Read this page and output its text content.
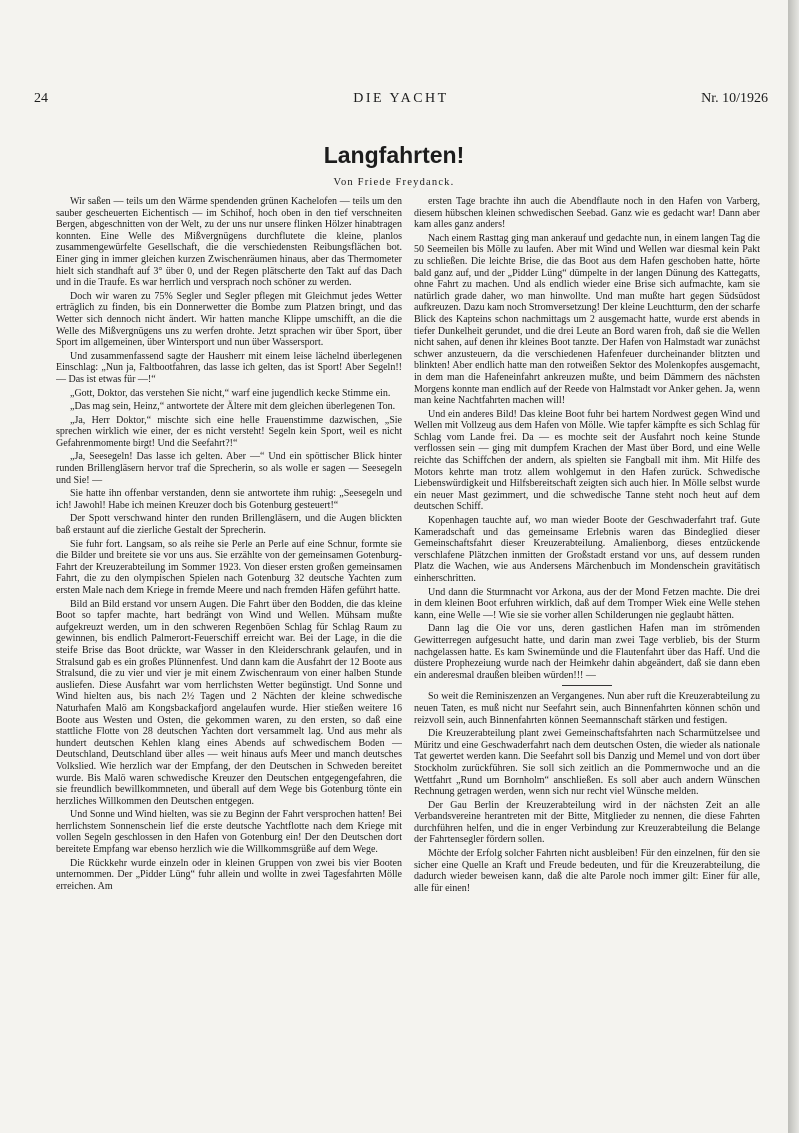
DIE YACHT
24	Nr. 10/1926
Langfahrten!
Von Friede Freydanck.

Wir saßen — teils um den Wärme spendenden grünen Kachelofen — teils um den sauber gescheuerten Eichentisch — im Schihof, hoch oben in den tief verschneiten Bergen, abgeschnitten von der Welt, zu der uns nur unsere flinken Hölzer hinabtragen konnten. Eine Welle des Mißvergnügens durchflutete die kleine, planlos zusammengewürfelte Gesellschaft, die die verschiedensten Reibungsflächen bot. Einer ging in immer gleichen kurzen Zwischenräumen hinaus, aber das Thermometer hielt sich standhaft auf 3° über 0, und der Regen plätscherte den Takt auf das Dach und in die Traufe. Es war herrlich und versprach noch schöner zu werden.

Doch wir waren zu 75% Segler und Segler pflegen mit Gleichmut jedes Wetter erträglich zu finden, bis ein Donnerwetter die Bombe zum Platzen bringt, und das Wetter sich dennoch nicht ändert. Wir hatten manche Klippe umschifft, an die die Welle des Mißvergnügens uns zu werfen drohte. Jetzt sprachen wir über Sport, über Sport im allgemeinen, über Wintersport und nun über Wassersport.

Und zusammenfassend sagte der Hausherr mit einem leise lächelnd überlegenen Einschlag: „Nun ja, Faltbootfahren, das lasse ich gelten, das ist Sport! Aber Segeln!! — Das ist etwas für —!“

„Gott, Doktor, das verstehen Sie nicht,“ warf eine jugendlich kecke Stimme ein.

„Das mag sein, Heinz,“ antwortete der Ältere mit dem gleichen überlegenen Ton.

„Ja, Herr Doktor,“ mischte sich eine helle Frauenstimme dazwischen, „Sie sprechen wirklich wie einer, der es nicht versteht! Segeln kein Sport, weil es nicht Gefahrenmomente birgt! Und die Seefahrt?!“

„Ja, Seesegeln! Das lasse ich gelten. Aber —“ Und ein spöttischer Blick hinter runden Brillengläsern hervor traf die Sprecherin, so als wolle er sagen — Seesegeln und Sie! —

Sie hatte ihn offenbar verstanden, denn sie antwortete ihm ruhig: „Seesegeln und ich! Jawohl! Habe ich meinen Kreuzer doch bis Gotenburg gesteuert!“

Der Spott verschwand hinter den runden Brillengläsern, und die Augen blickten baß erstaunt auf die zierliche Gestalt der Sprecherin.

Sie fuhr fort. Langsam, so als reihe sie Perle an Perle auf eine Schnur, formte sie die Bilder und breitete sie vor uns aus. Sie erzählte von der gemeinsamen Gotenburg-Fahrt der Kreuzerabteilung im Sommer 1923. Von dieser ersten großen gemeinsamen Fahrt, die zu den olympischen Spielen nach Gotenburg 32 deutsche Yachten zum ersten Male nach dem Kriege in fremde Meere und nach fremden Häfen geführt hatte.

Bild an Bild erstand vor unsern Augen. Die Fahrt über den Bodden, die das kleine Boot so tapfer machte, hart bedrängt von Wind und Wellen. Mühsam mußte aufgekreuzt werden, um in den schweren Regenböen Schlag für Schlag Raum zu gewinnen, bis endlich Palmerort-Feuerschiff erreicht war. Bei der Lage, in die die steife Brise das Boot drückte, war Wasser in den Kleiderschrank gelaufen, und in Stralsund gab es ein großes Plünnenfest. Und dann kam die Ausfahrt der 12 Boote aus Stralsund, die zu vier und vier je mit einem Zwischenraum von einer halben Stunde ausliefen. Diese Ausfahrt war vom herrlichsten Wetter begünstigt. Und Sonne und Wind hielten aus, bis nach 2½ Tagen und 2 Nächten der kleine schwedische Naturhafen Malö am Kongsbackafjord angelaufen wurde. Hier stießen weitere 16 Boote aus Westen und Osten, die gekommen waren, zu den ersten, so daß eine stattliche Flotte von 28 deutschen Yachten dort versammelt lag. Und aus mehr als hundert deutschen Kehlen klang eines Abends auf schwedischem Boden — Deutschland, Deutschland über alles — weit hinaus aufs Meer und manch deutsches Volkslied. Wie herzlich war der Empfang, der den Deutschen in Schweden bereitet wurde. Bis Malö waren schwedische Kreuzer den Deutschen entgegengefahren, die sie freundlich bewillkommneten, und überall auf dem Wege bis Gotenburg tönte ein herzliches Willkommen den Deutschen entgegen.

Und Sonne und Wind hielten, was sie zu Beginn der Fahrt versprochen hatten! Bei herrlichstem Sonnenschein lief die erste deutsche Yachtflotte nach dem Kriege mit vollen Segeln geschlossen in den Hafen von Gotenburg ein! Der den Deutschen dort bereitete Empfang war ebenso herzlich wie die Willkommsgrüße auf dem Wege.

Die Rückkehr wurde einzeln oder in kleinen Gruppen von zwei bis vier Booten unternommen. Der „Pidder Lüng“ fuhr allein und wollte in zwei Tagesfahrten Mölle erreichen. Am

ersten Tage brachte ihn auch die Abendflaute noch in den Hafen von Varberg, diesem hübschen kleinen schwedischen Seebad. Ganz wie es gedacht war! Dann aber kam alles ganz anders!

Nach einem Rasttag ging man ankerauf und gedachte nun, in einem langen Tag die 50 Seemeilen bis Mölle zu laufen. Aber mit Wind und Wellen war diesmal kein Pakt zu schließen. Die leichte Brise, die das Boot aus dem Hafen geschoben hatte, hörte bald ganz auf, und der „Pidder Lüng“ dümpelte in der langen Dünung des Kattegatts, ohne Fahrt zu machen. Und als endlich wieder eine Brise sich aufmachte, kam sie natürlich grade daher, wo man hinwollte. Und man mußte hart gegen Südsüdost aufkreuzen. Dazu kam noch Stromversetzung! Der kleine Leuchtturm, den der scharfe Blick des Kapteins schon nachmittags um 2 ausgemacht hatte, wurde erst abends in tiefer Dunkelheit gerundet, und die drei Leute an Bord waren froh, daß sie die Wellen nicht sahen, auf denen ihr kleines Boot tanzte. Der Hafen von Halmstadt war zunächst schwer anzusteuern, da die verschiedenen Hafenfeuer durcheinander blitzten und blinkten! Aber endlich hatte man den rotweißen Sektor des Molenkopfes ausgemacht, in dem man die Hafeneinfahrt ankreuzen mußte, und beim Dämmern des nächsten Morgens konnte man endlich auf der Reede von Halmstadt vor Anker gehen. Ja, wenn man keine Nachtfahrten machen will!

Und ein anderes Bild! Das kleine Boot fuhr bei hartem Nordwest gegen Wind und Wellen mit Vollzeug aus dem Hafen von Mölle. Wie tapfer kämpfte es sich Schlag für Schlag vom Lande frei. Da — es mochte seit der Ausfahrt noch keine Stunde verflossen sein — ging mit dumpfem Krachen der Mast über Bord, und eine Welle reichte das Schiffchen der andern, als spielten sie Fangball mit ihm. Mit Hilfe des Motors kehrte man trotz allem wohlgemut in den Hafen zurück. Schwedische Liebenswürdigkeit und Hilfsbereitschaft zeigten sich auch hier. In Mölle selbst wurde ein neuer Mast gezimmert, und die schwedische Tanne steht noch heut auf dem deutschen Schiff.

Kopenhagen tauchte auf, wo man wieder Boote der Geschwaderfahrt traf. Gute Kameradschaft und das gemeinsame Erlebnis waren das Bindeglied dieser Gemeinschaftsfahrt dieser Kreuzerabteilung. Amalienborg, dieses entzückende verschlafene Plätzchen inmitten der Großstadt erstand vor uns, auf dessem runden Platz die Wachen, wie aus Andersens Märchenbuch im Mondenschein gravitätisch einherschritten.

Und dann die Sturmnacht vor Arkona, aus der der Mond Fetzen machte. Die drei in dem kleinen Boot erfuhren wirklich, daß auf dem Tromper Wiek eine Welle stehen kann, eine Welle —! Wie sie sie vorher allen Schilderungen nie geglaubt hätten.

Dann lag die Oie vor uns, deren gastlichen Hafen man im strömenden Gewitterregen aufgesucht hatte, und darin man zwei Tage verblieb, bis der Sturm nachgelassen hatte. Es kam Swinemünde und die Flautenfahrt über das Haff. Und die düstere Prophezeiung wurde nach der Heimkehr dahin abgeändert, daß sie dann eben ein anderesmal draußen bleiben würden!!! —

So weit die Reminiszenzen an Vergangenes. Nun aber ruft die Kreuzerabteilung zu neuen Taten, es muß nicht nur Seefahrt sein, auch Binnenfahrten können schön und reizvoll sein, auch Binnenfahrten können Seemannschaft stärken und festigen.

Die Kreuzerabteilung plant zwei Gemeinschaftsfahrten nach Scharmützelsee und Müritz und eine Geschwaderfahrt nach dem deutschen Osten, die wieder als nationale Tat gewertet werden kann. Die Seefahrt soll bis Danzig und Memel und von dort über Stockholm zurückführen. Sie soll sich zeitlich an die Pommernwoche und an die Wettfahrt „Rund um Bornholm“ anschließen. Es soll aber auch andern Wünschen Rechnung getragen werden, wenn sich nur recht viel Wünsche melden.

Der Gau Berlin der Kreuzerabteilung wird in der nächsten Zeit an alle Verbandsvereine herantreten mit der Bitte, Mitglieder zu nennen, die diese Fahrten durchführen helfen, und die in enger Verbindung zur Kreuzerabteilung die Belange der Fahrtensegler fördern sollen.

Möchte der Erfolg solcher Fahrten nicht ausbleiben! Für den einzelnen, für den sie sicher eine Quelle an Kraft und Freude bedeuten, und für die Kreuzerabteilung, die dadurch wieder beweisen kann, daß die alte Parole noch immer gilt: Einer für alle, alle für einen!
